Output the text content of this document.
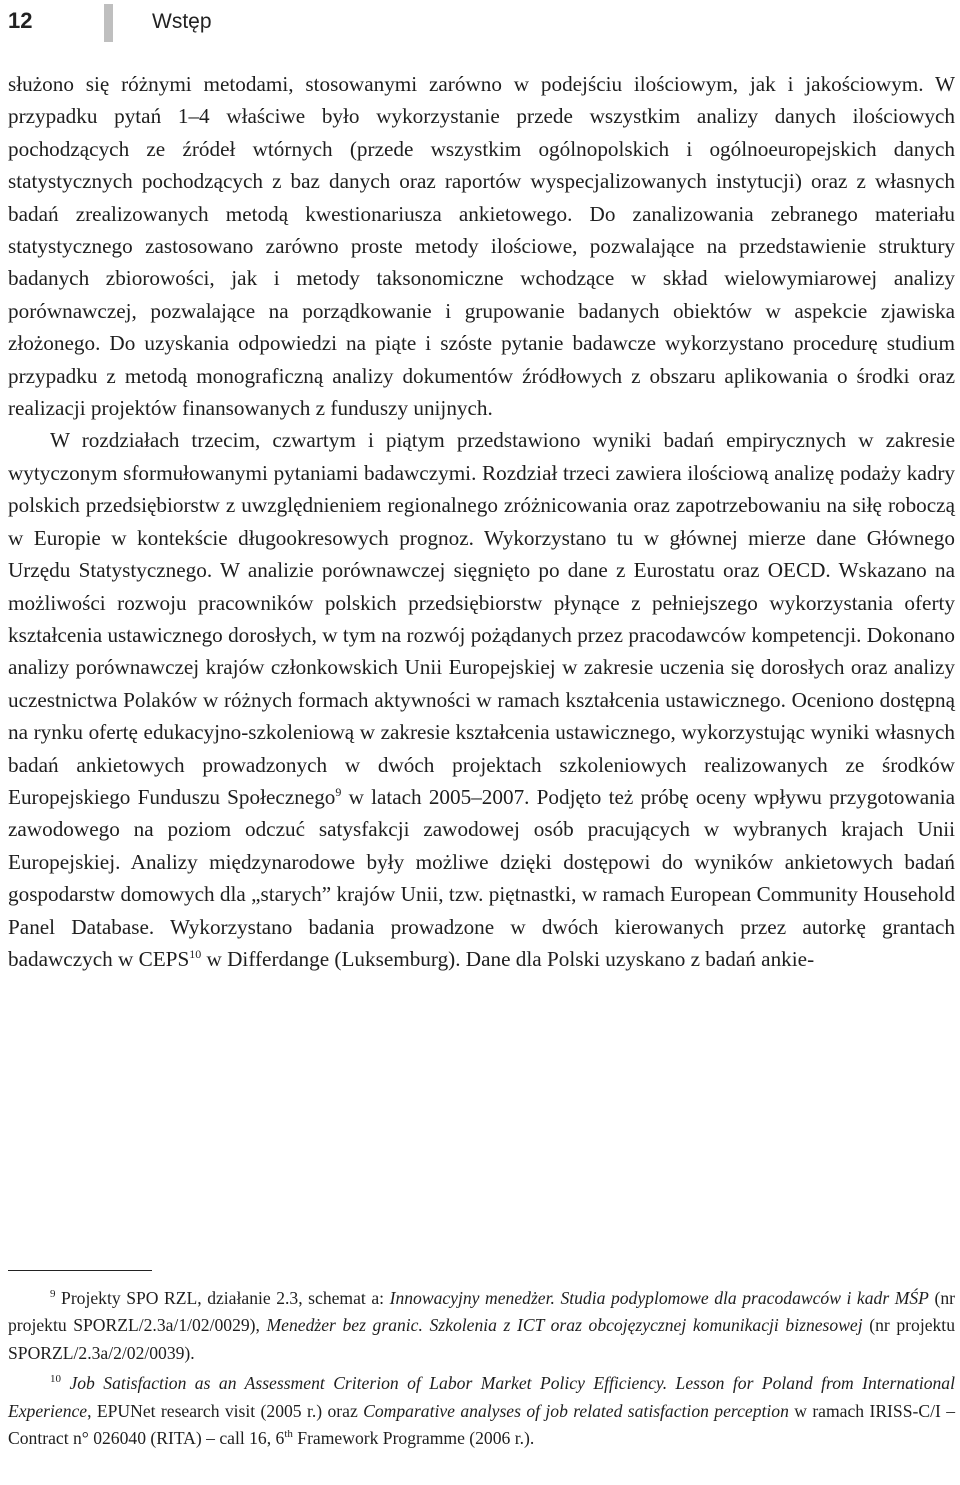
12	Wstęp

służono się różnymi metodami, stosowanymi zarówno w podejściu ilościowym, jak i jakościowym. W przypadku pytań 1–4 właściwe było wykorzystanie przede wszystkim analizy danych ilościowych pochodzących ze źródeł wtórnych (przede wszystkim ogólnopolskich i ogólnoeuropejskich danych statystycznych pochodzących z baz danych oraz raportów wyspecjalizowanych instytucji) oraz z własnych badań zrealizowanych metodą kwestionariusza ankietowego. Do zanalizowania zebranego materiału statystycznego zastosowano zarówno proste metody ilościowe, pozwalające na przedstawienie struktury badanych zbiorowości, jak i metody taksonomiczne wchodzące w skład wielowymiarowej analizy porównawczej, pozwalające na porządkowanie i grupowanie badanych obiektów w aspekcie zjawiska złożonego. Do uzyskania odpowiedzi na piąte i szóste pytanie badawcze wykorzystano procedurę studium przypadku z metodą monograficzną analizy dokumentów źródłowych z obszaru aplikowania o środki oraz realizacji projektów finansowanych z funduszy unijnych.

W rozdziałach trzecim, czwartym i piątym przedstawiono wyniki badań empirycznych w zakresie wytyczonym sformułowanymi pytaniami badawczymi. Rozdział trzeci zawiera ilościową analizę podaży kadry polskich przedsiębiorstw z uwzględnieniem regionalnego zróżnicowania oraz zapotrzebowaniu na siłę roboczą w Europie w kontekście długookresowych prognoz. Wykorzystano tu w głównej mierze dane Głównego Urzędu Statystycznego. W analizie porównawczej sięgnięto po dane z Eurostatu oraz OECD. Wskazano na możliwości rozwoju pracowników polskich przedsiębiorstw płynące z pełniejszego wykorzystania oferty kształcenia ustawicznego dorosłych, w tym na rozwój pożądanych przez pracodawców kompetencji. Dokonano analizy porównawczej krajów członkowskich Unii Europejskiej w zakresie uczenia się dorosłych oraz analizy uczestnictwa Polaków w różnych formach aktywności w ramach kształcenia ustawicznego. Oceniono dostępną na rynku ofertę edukacyjno-szkoleniową w zakresie kształcenia ustawicznego, wykorzystując wyniki własnych badań ankietowych prowadzonych w dwóch projektach szkoleniowych realizowanych ze środków Europejskiego Funduszu Społecznego$^9$ w latach 2005–2007. Podjęto też próbę oceny wpływu przygotowania zawodowego na poziom odczuć satysfakcji zawodowej osób pracujących w wybranych krajach Unii Europejskiej. Analizy międzynarodowe były możliwe dzięki dostępowi do wyników ankietowych badań gospodarstw domowych dla „starych” krajów Unii, tzw. piętnastki, w ramach European Community Household Panel Database. Wykorzystano badania prowadzone w dwóch kierowanych przez autorkę grantach badawczych w CEPS$^{10}$ w Differdange (Luksemburg). Dane dla Polski uzyskano z badań ankie-

$^9$ Projekty SPO RZL, działanie 2.3, schemat a: Innowacyjny menedżer. Studia podyplomowe dla pracodawców i kadr MŚP (nr projektu SPORZL/2.3a/1/02/0029), Menedżer bez granic. Szkolenia z ICT oraz obcojęzycznej komunikacji biznesowej (nr projektu SPORZL/2.3a/2/02/0039).

$^{10}$ Job Satisfaction as an Assessment Criterion of Labor Market Policy Efficiency. Lesson for Poland from International Experience, EPUNet research visit (2005 r.) oraz Comparative analyses of job related satisfaction perception w ramach IRISS-C/I – Contract n° 026040 (RITA) – call 16, 6th Framework Programme (2006 r.).
